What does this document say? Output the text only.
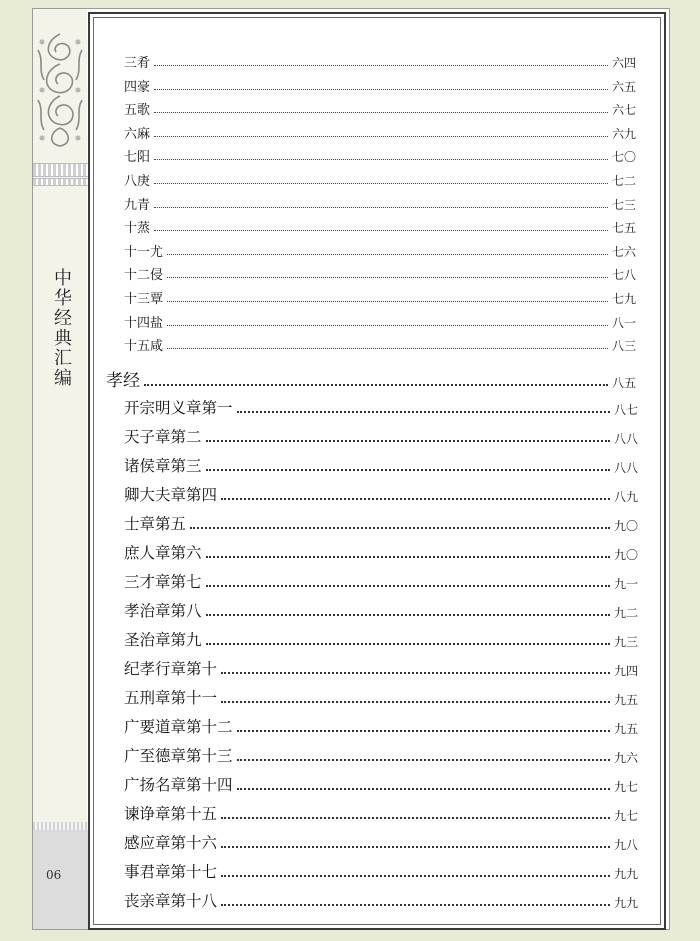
中华经典汇编
06
三肴	六四
四豪	六五
五歌	六七
六麻	六九
七阳	七〇
八庚	七二
九青	七三
十蒸	七五
十一尤	七六
十二侵	七八
十三覃	七九
十四盐	八一
十五咸	八三
孝经	八五
开宗明义章第一	八七
天子章第二	八八
诸侯章第三	八八
卿大夫章第四	八九
士章第五	九〇
庶人章第六	九〇
三才章第七	九一
孝治章第八	九二
圣治章第九	九三
纪孝行章第十	九四
五刑章第十一	九五
广要道章第十二	九五
广至德章第十三	九六
广扬名章第十四	九七
谏诤章第十五	九七
感应章第十六	九八
事君章第十七	九九
丧亲章第十八	九九
